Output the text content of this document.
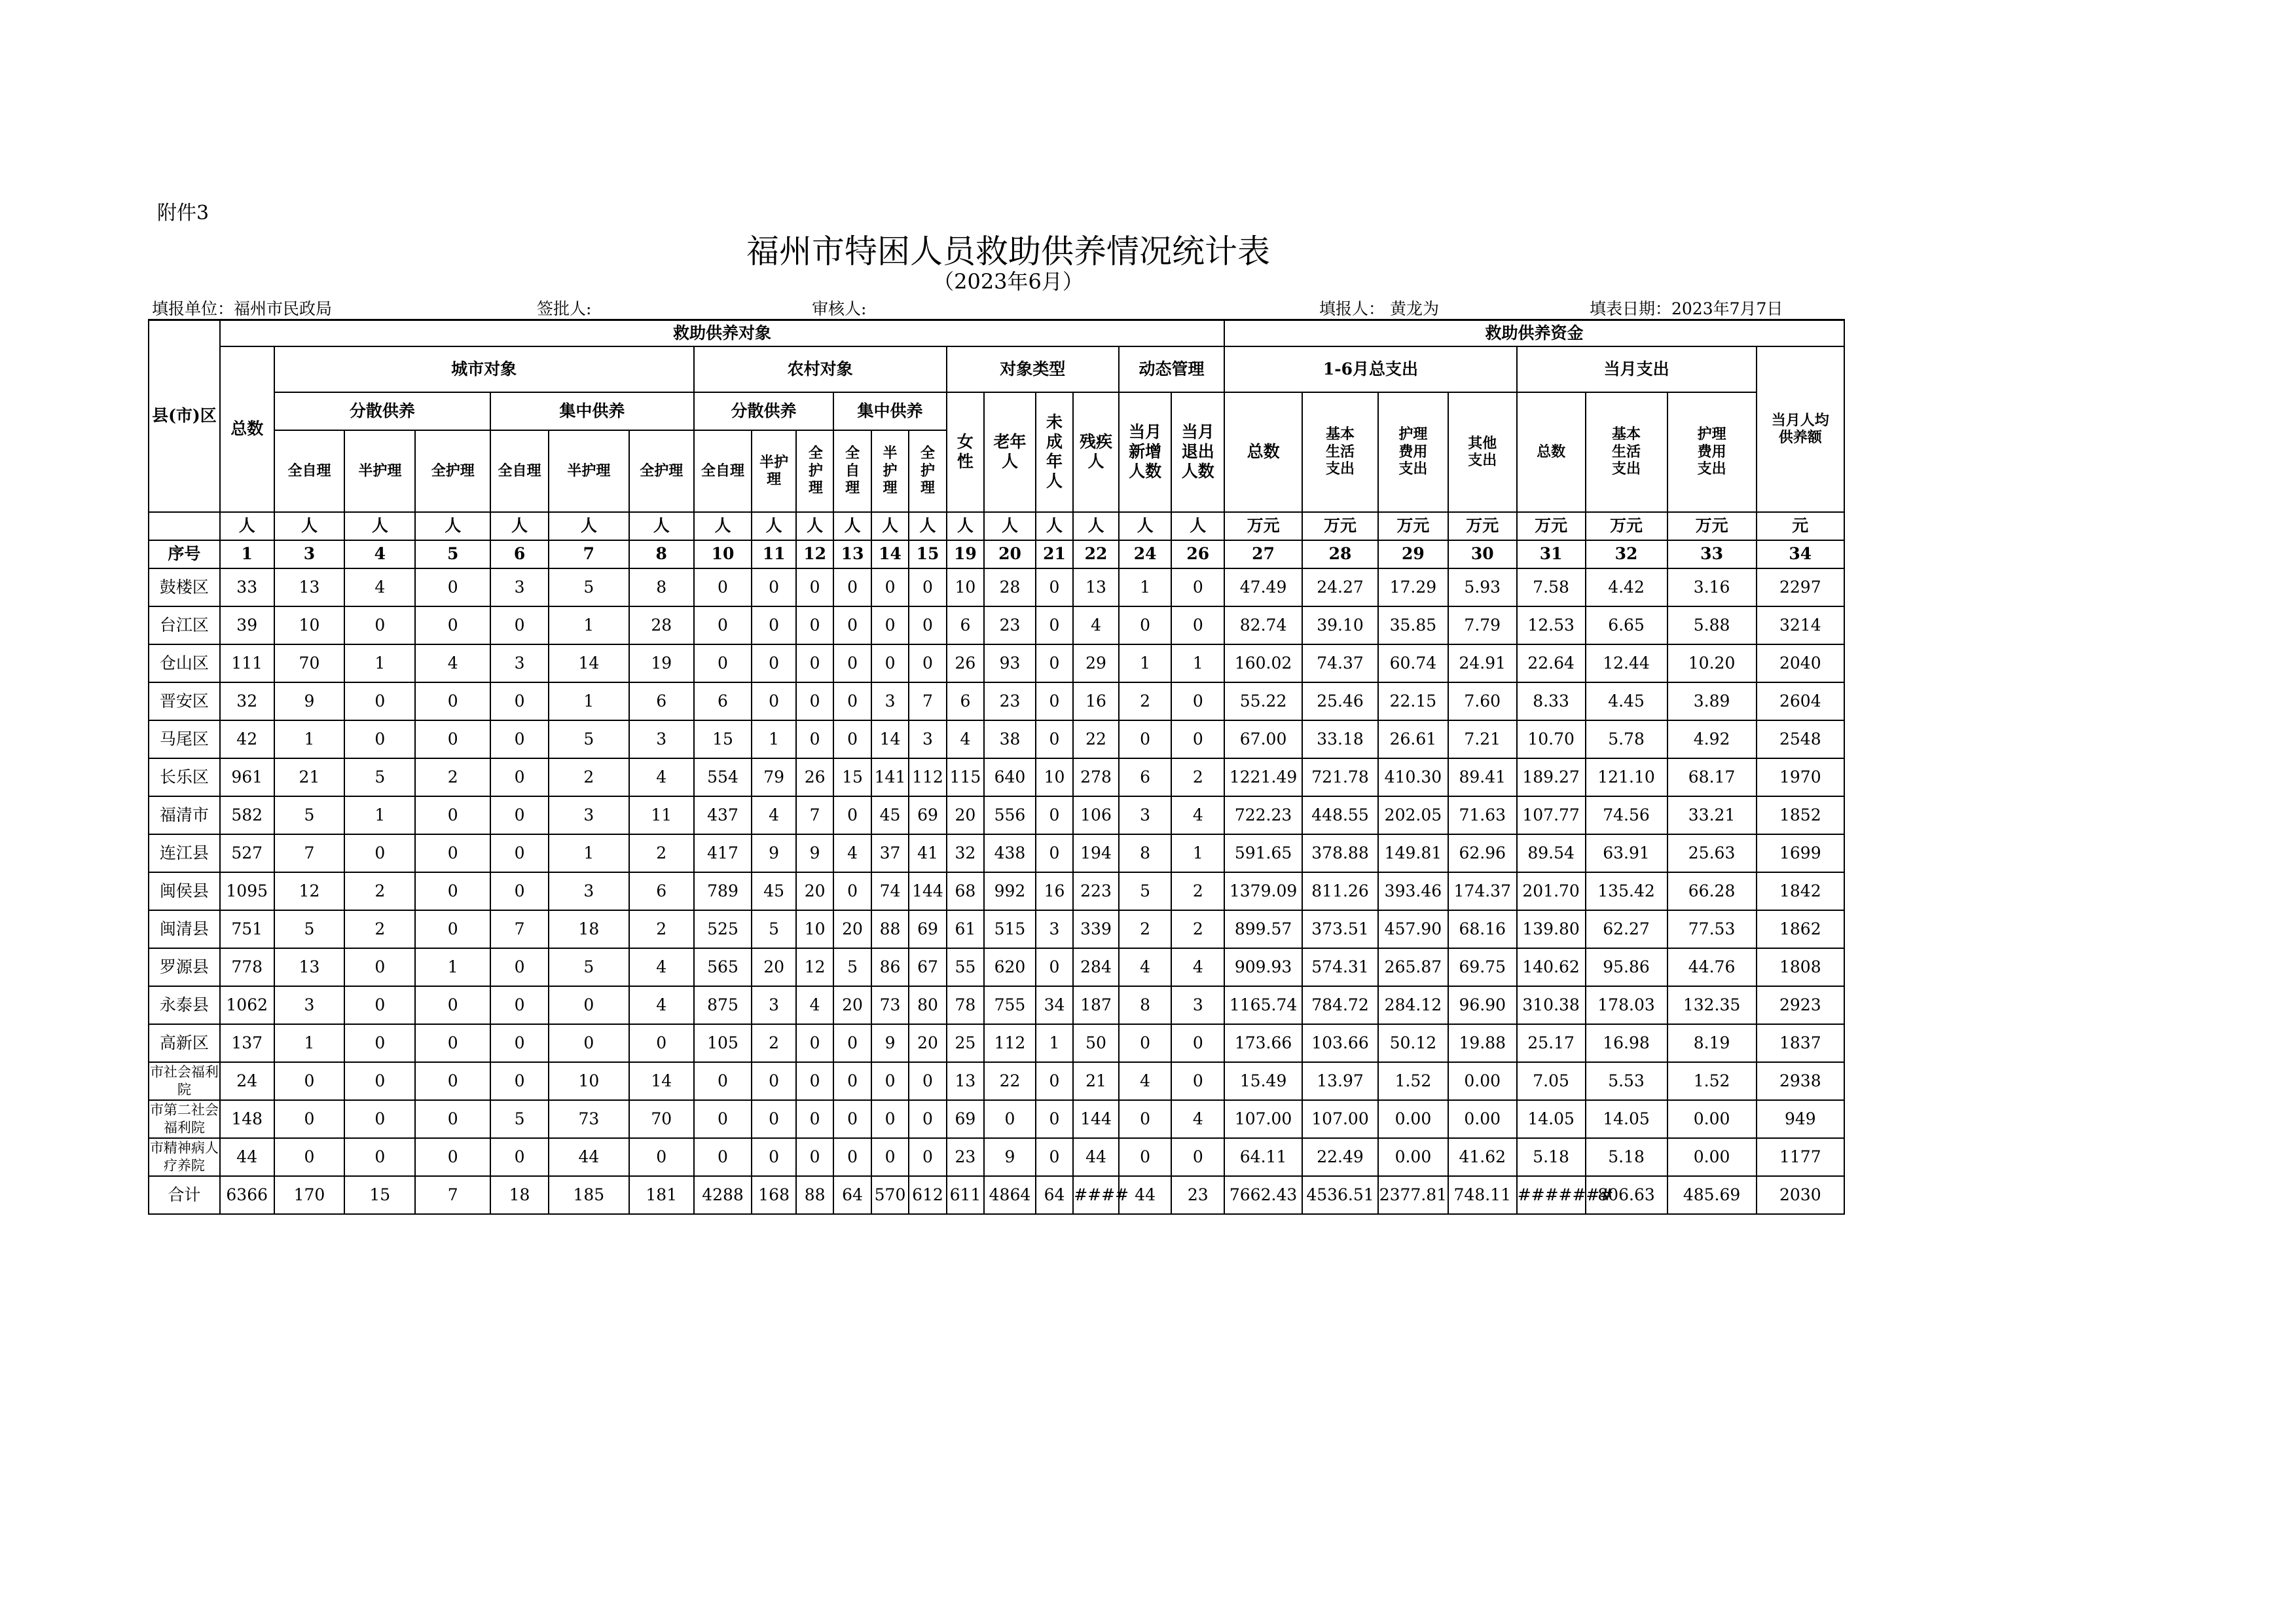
附件3
福州市特困人员救助供养情况统计表
（2023年6月）
填报单位：福州市民政局	签批人:	审核人:	填报人： 黄龙为	填表日期：2023年7月7日
县(市)区	救助供养对象																			救助供养资金							
	总数	城市对象						农村对象						对象类型				动态管理		1-6月总支出				当月支出			当月人均供养额
		分散供养			集中供养			分散供养			集中供养			女性	老年人	未成年人	残疾人	当月新增人数	当月退出人数	总数	基本生活支出	护理费用支出	其他支出	总数	基本生活支出	护理费用支出	
		全自理	半护理	全护理	全自理	半护理	全护理	全自理	半护理	全护理	全自理	半护理	全护理														
	人	人	人	人	人	人	人	人	人	人	人	人	人	人	人	人	人	人	人	万元	万元	万元	万元	万元	万元	万元	元
序号	1	3	4	5	6	7	8	10	11	12	13	14	15	19	20	21	22	24	26	27	28	29	30	31	32	33	34
鼓楼区	33	13	4	0	3	5	8	0	0	0	0	0	0	10	28	0	13	1	0	47.49	24.27	17.29	5.93	7.58	4.42	3.16	2297
台江区	39	10	0	0	0	1	28	0	0	0	0	0	0	6	23	0	4	0	0	82.74	39.10	35.85	7.79	12.53	6.65	5.88	3214
仓山区	111	70	1	4	3	14	19	0	0	0	0	0	0	26	93	0	29	1	1	160.02	74.37	60.74	24.91	22.64	12.44	10.20	2040
晋安区	32	9	0	0	0	1	6	6	0	0	0	3	7	6	23	0	16	2	0	55.22	25.46	22.15	7.60	8.33	4.45	3.89	2604
马尾区	42	1	0	0	0	5	3	15	1	0	0	14	3	4	38	0	22	0	0	67.00	33.18	26.61	7.21	10.70	5.78	4.92	2548
长乐区	961	21	5	2	0	2	4	554	79	26	15	141	112	115	640	10	278	6	2	1221.49	721.78	410.30	89.41	189.27	121.10	68.17	1970
福清市	582	5	1	0	0	3	11	437	4	7	0	45	69	20	556	0	106	3	4	722.23	448.55	202.05	71.63	107.77	74.56	33.21	1852
连江县	527	7	0	0	0	1	2	417	9	9	4	37	41	32	438	0	194	8	1	591.65	378.88	149.81	62.96	89.54	63.91	25.63	1699
闽侯县	1095	12	2	0	0	3	6	789	45	20	0	74	144	68	992	16	223	5	2	1379.09	811.26	393.46	174.37	201.70	135.42	66.28	1842
闽清县	751	5	2	0	7	18	2	525	5	10	20	88	69	61	515	3	339	2	2	899.57	373.51	457.90	68.16	139.80	62.27	77.53	1862
罗源县	778	13	0	1	0	5	4	565	20	12	5	86	67	55	620	0	284	4	4	909.93	574.31	265.87	69.75	140.62	95.86	44.76	1808
永泰县	1062	3	0	0	0	0	4	875	3	4	20	73	80	78	755	34	187	8	3	1165.74	784.72	284.12	96.90	310.38	178.03	132.35	2923
高新区	137	1	0	0	0	0	0	105	2	0	0	9	20	25	112	1	50	0	0	173.66	103.66	50.12	19.88	25.17	16.98	8.19	1837
市社会福利院	24	0	0	0	0	10	14	0	0	0	0	0	0	13	22	0	21	4	0	15.49	13.97	1.52	0.00	7.05	5.53	1.52	2938
市第二社会福利院	148	0	0	0	5	73	70	0	0	0	0	0	0	69	0	0	144	0	4	107.00	107.00	0.00	0.00	14.05	14.05	0.00	949
市精神病人疗养院	44	0	0	0	0	44	0	0	0	0	0	0	0	23	9	0	44	0	0	64.11	22.49	0.00	41.62	5.18	5.18	0.00	1177
合计	6366	170	15	7	18	185	181	4288	168	88	64	570	612	611	4864	64	####	44	23	7662.43	4536.51	2377.81	748.11	#######	806.63	485.69	2030
